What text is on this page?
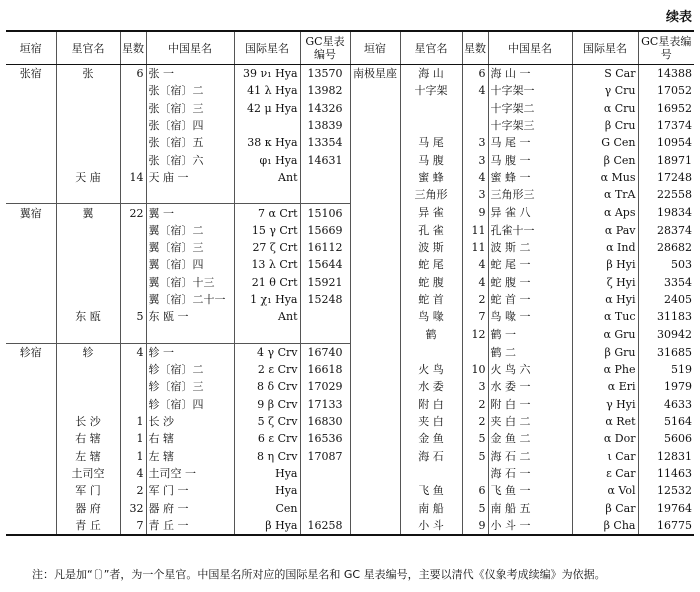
续表
垣宿	星官名	星数	中国星名	国际星名	GC星表编号	垣宿	星官名	星数	中国星名	国际星名	GC星表编号
张宿	张	6	张 一	39 ν₁ Hya	13570	南极星座	海 山	6	海 山 一	S Car	14388
			张〔宿〕二	41 λ Hya	13982		十字架	4	十字架一	γ Cru	17052
			张〔宿〕三	42 μ Hya	14326				十字架二	α Cru	16952
			张〔宿〕四		13839				十字架三	β Cru	17374
			张〔宿〕五	38 κ Hya	13354		马 尾	3	马 尾 一	G Cen	10954
			张〔宿〕六	φ₁ Hya	14631		马 腹	3	马 腹 一	β Cen	18971
	天 庙	14	天 庙 一	Ant			蜜 蜂	4	蜜 蜂 一	α Mus	17248
							三角形	3	三角形三	α TrA	22558
翼宿	翼	22	翼 一	7 α Crt	15106		异 雀	9	异 雀 八	α Aps	19834
			翼〔宿〕二	15 γ Crt	15669		孔 雀	11	孔雀十一	α Pav	28374
			翼〔宿〕三	27 ζ Crt	16112		波 斯	11	波 斯 二	α Ind	28682
			翼〔宿〕四	13 λ Crt	15644		蛇 尾	4	蛇 尾 一	β Hyi	503
			翼〔宿〕十三	21 θ Crt	15921		蛇 腹	4	蛇 腹 一	ζ Hyi	3354
			翼〔宿〕二十一	1 χ₁ Hya	15248		蛇 首	2	蛇 首 一	α Hyi	2405
	东 瓯	5	东 瓯 一	Ant			鸟 喙	7	鸟 喙 一	α Tuc	31183
							鹤	12	鹤 一	α Gru	30942
轸宿	轸	4	轸 一	4 γ Crv	16740				鹤 二	β Gru	31685
			轸〔宿〕二	2 ε Crv	16618		火 鸟	10	火 鸟 六	α Phe	519
			轸〔宿〕三	8 δ Crv	17029		水 委	3	水 委 一	α Eri	1979
			轸〔宿〕四	9 β Crv	17133		附 白	2	附 白 一	γ Hyi	4633
	长 沙	1	长 沙	5 ζ Crv	16830		夹 白	2	夹 白 二	α Ret	5164
	右 辖	1	右 辖	6 ε Crv	16536		金 鱼	5	金 鱼 二	α Dor	5606
	左 辖	1	左 辖	8 η Crv	17087		海 石	5	海 石 二	ι Car	12831
	土司空	4	土司空 一	Hya					海 石 一	ε Car	11463
	军 门	2	军 门 一	Hya			飞 鱼	6	飞 鱼 一	α Vol	12532
	器 府	32	器 府 一	Cen			南 船	5	南 船 五	β Car	19764
	青 丘	7	青 丘 一	β Hya	16258		小 斗	9	小 斗 一	β Cha	16775
注：凡是加“〔〕”者，为一个星官。中国星名所对应的国际星名和 GC 星表编号，主要以清代《仪象考成续编》为依据。
